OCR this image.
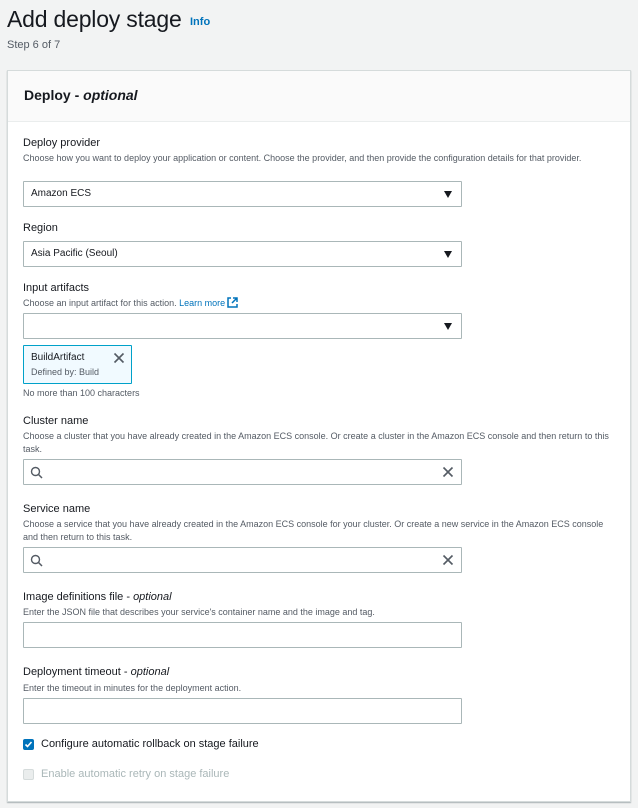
Add deploy stage Info
Step 6 of 7
Deploy - optional
Deploy provider
Choose how you want to deploy your application or content. Choose the provider, and then provide the configuration details for that provider.
Amazon ECS
Region
Asia Pacific (Seoul)
Input artifacts
Choose an input artifact for this action. Learn more
BuildArtifact
Defined by: Build
No more than 100 characters
Cluster name
Choose a cluster that you have already created in the Amazon ECS console. Or create a cluster in the Amazon ECS console and then return to this task.
Service name
Choose a service that you have already created in the Amazon ECS console for your cluster. Or create a new service in the Amazon ECS console and then return to this task.
Image definitions file - optional
Enter the JSON file that describes your service's container name and the image and tag.
Deployment timeout - optional
Enter the timeout in minutes for the deployment action.
Configure automatic rollback on stage failure
Enable automatic retry on stage failure
